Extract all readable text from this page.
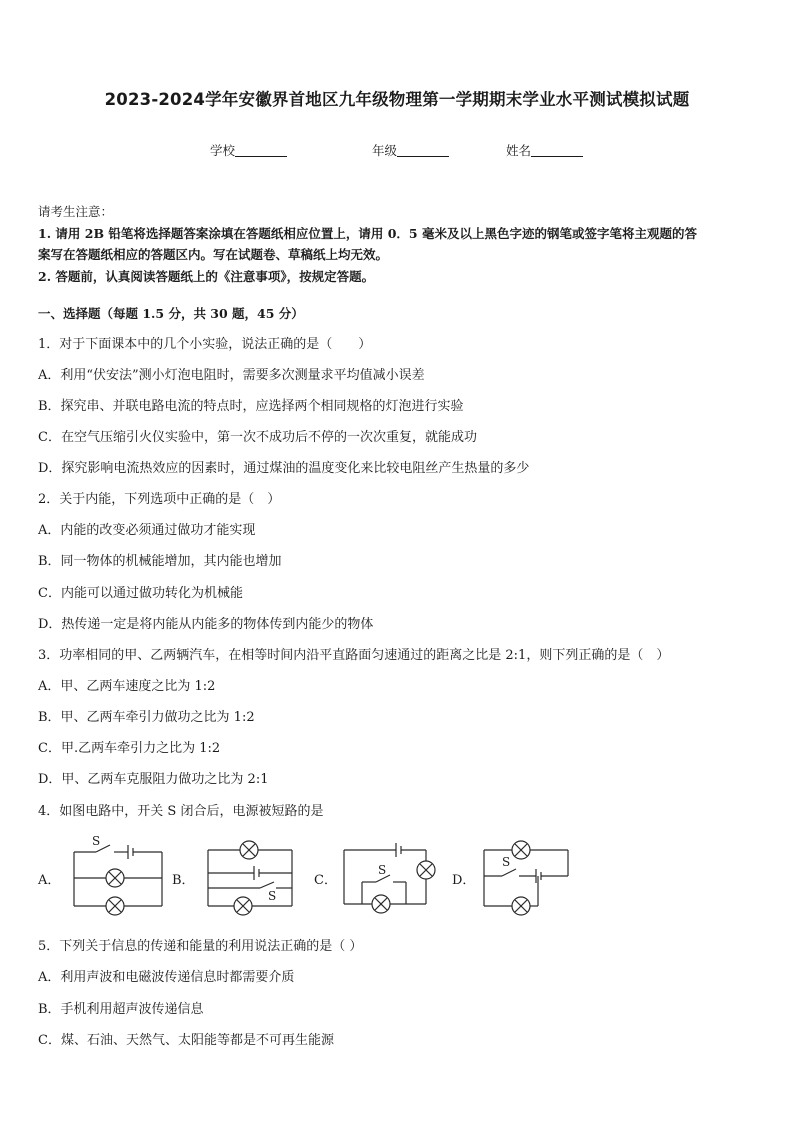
2023-2024学年安徽界首地区九年级物理第一学期期末学业水平测试模拟试题
学校	年级	姓名
请考生注意：
1. 请用 2B 铅笔将选择题答案涂填在答题纸相应位置上，请用 0．5 毫米及以上黑色字迹的钢笔或签字笔将主观题的答
案写在答题纸相应的答题区内。写在试题卷、草稿纸上均无效。
2. 答题前，认真阅读答题纸上的《注意事项》，按规定答题。
一、选择题（每题 1.5 分，共 30 题，45 分）
1．对于下面课本中的几个小实验，说法正确的是（　　）
A．利用“伏安法”测小灯泡电阻时，需要多次测量求平均值减小误差
B．探究串、并联电路电流的特点时，应选择两个相同规格的灯泡进行实验
C．在空气压缩引火仪实验中，第一次不成功后不停的一次次重复，就能成功
D．探究影响电流热效应的因素时，通过煤油的温度变化来比较电阻丝产生热量的多少
2．关于内能，下列选项中正确的是（　）
A．内能的改变必须通过做功才能实现
B．同一物体的机械能增加，其内能也增加
C．内能可以通过做功转化为机械能
D．热传递一定是将内能从内能多的物体传到内能少的物体
3．功率相同的甲、乙两辆汽车，在相等时间内沿平直路面匀速通过的距离之比是 2:1，则下列正确的是（　）
A．甲、乙两车速度之比为 1:2
B．甲、乙两车牵引力做功之比为 1:2
C．甲.乙两车牵引力之比为 1:2
D．甲、乙两车克服阻力做功之比为 2:1
4．如图电路中，开关 S 闭合后，电源被短路的是
A．
S
B．
S
C．
S
D．
S
5．下列关于信息的传递和能量的利用说法正确的是（ ）
A．利用声波和电磁波传递信息时都需要介质
B．手机利用超声波传递信息
C．煤、石油、天然气、太阳能等都是不可再生能源
